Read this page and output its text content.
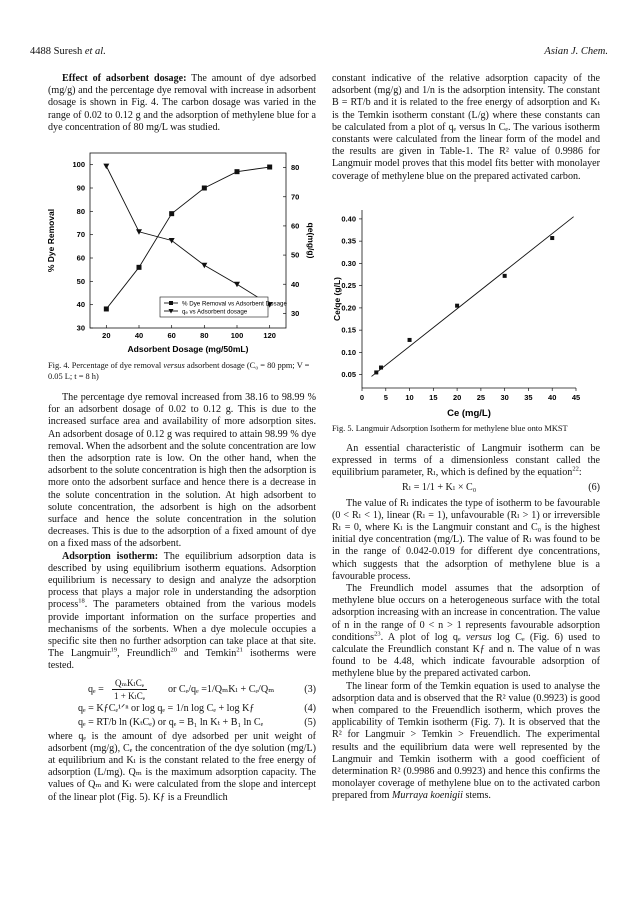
4488 Suresh et al.	Asian J. Chem.

Effect of adsorbent dosage: The amount of dye adsorbed (mg/g) and the percentage dye removal with increase in adsorbent dosage is shown in Fig. 4. The carbon dosage was varied in the range of 0.02 to 0.12 g and the adsorption of methylene blue for a dye concentration of 80 mg/L was studied.

20	40	60	80	100	120
30
40
50
60
70
80
90
100
30
40
50
60
70
80
Adsorbent Dosage (mg/50mL)
% Dye Removal	qe(mg/g)
% Dye Removal vs Adsorbent Dosage
qₑ vs Adsorbent dosage
Fig. 4. Percentage of dye removal versus adsorbent dosage (C₀ = 80 ppm; V = 0.05 L; t = 8 h)

The percentage dye removal increased from 38.16 to 98.99 % for an adsorbent dosage of 0.02 to 0.12 g. This is due to the increased surface area and availability of more adsorption sites. An adsorbent dosage of 0.12 g was required to attain 98.99 % dye removal. When the adsorbent and the solute concentration are low then the adsorption rate is low. On the other hand, when the adsorbent to the solute concentration is high then the adsorption is more onto the adsorbent surface and hence there is a decrease in the solute concentration in the solution. At high adsorbent to solute concentration, the adsorbent is high on the adsorbent surface and hence the solute concentration in the solution decreases. This is due to the adsorption of a fixed amount of dye on a fixed mass of the adsorbent.

Adsorption isotherm: The equilibrium adsorption data is described by using equilibrium isotherm equations. Adsorption equilibrium is necessary to design and analyze the adsorption process that plays a major role in understanding the adsorption process$^{18}$. The parameters obtained from the various models provide important information on the surface properties and mechanisms of the sorbents. When a dye molecule occupies a specific site then no further adsorption can take place at that site. The Langmuir$^{19}$, Freundlich$^{20}$ and Temkin$^{21}$ isotherms were tested.

qₑ =
QₘKₗCₑ
1 + KₗCₑ
or Cₑ/qₑ =1/QₘKₗ + Cₑ/Qₘ	(3)
qₑ = KƒCₑ¹ᐟⁿ or log qₑ = 1/n log Cₑ + log Kƒ	(4)
qₑ = RT/b ln (KₜCₑ) or qₑ = B₁ ln Kₜ + B₁ ln Cₑ	(5)

where qₑ is the amount of dye adsorbed per unit weight of adsorbent (mg/g), Cₑ the concentration of the dye solution (mg/L) at equilibrium and Kₗ is the constant related to the free energy of adsorption (L/mg). Qₘ is the maximum adsorption capacity. The values of Qₘ and Kₗ were calculated from the slope and intercept of the linear plot (Fig. 5). Kƒ is a Freundlich

constant indicative of the relative adsorption capacity of the adsorbent (mg/g) and 1/n is the adsorption intensity. The constant B = RT/b and it is related to the free energy of adsorption and Kₜ is the Temkin isotherm constant (L/g) where these constants can be calculated from a plot of qₑ versus ln Cₑ. The various isotherm constants were calculated from the linear form of the model and the results are given in Table-1. The R² value of 0.9986 for Langmuir model proves that this model fits better with monolayer coverage of methylene blue on the prepared activated carbon.

0	5 10 15 20 25 30 35 40 45
0.05
0.10
0.15
0.20
0.25
0.30
0.35
0.40
Ce (mg/L)
Ce/qe (g/L)
Fig. 5. Langmuir Adsorption Isotherm for methylene blue onto MKST

An essential characteristic of Langmuir isotherm can be expressed in terms of a dimensionless constant called the equilibrium parameter, Rₗ, which is defined by the equation$^{22}$:

Rₗ = 1/1 + Kₗ × C₀	(6)

The value of Rₗ indicates the type of isotherm to be favourable (0 < Rₗ < 1), linear (Rₗ = 1), unfavourable (Rₗ > 1) or irreversible Rₗ = 0, where Kₗ is the Langmuir constant and C₀ is the highest initial dye concentration (mg/L). The value of Rₗ was found to be in the range of 0.042-0.019 for different dye concentrations, which suggests that the adsorption of methylene blue is a favourable process.

The Freundlich model assumes that the adsorption of methylene blue occurs on a heterogeneous surface with the total adsorption increasing with an increase in concentration. The value of n in the range of 0 < n > 1 represents favourable adsorption conditions$^{23}$. A plot of log qₑ versus log Cₑ (Fig. 6) used to calculate the Freundlich constant Kƒ and n. The value of n was found to be 4.48, which indicate favourable adsorption of methylene blue by the prepared activated carbon.

The linear form of the Temkin equation is used to analyse the adsorption data and is observed that the R² value (0.9923) is good when compared to the Freuendlich isotherm, which proves the applicability of Temkin isotherm (Fig. 7). It is observed that the R² for Langmuir > Temkin > Freuendlich. The experimental results and the equilibrium data were well represented by the Langmuir and Temkin isotherm with a good coefficient of determination R² (0.9986 and 0.9923) and hence this confirms the monolayer coverage of methylene blue on to the activated carbon prepared from Murraya koenigii stems.
